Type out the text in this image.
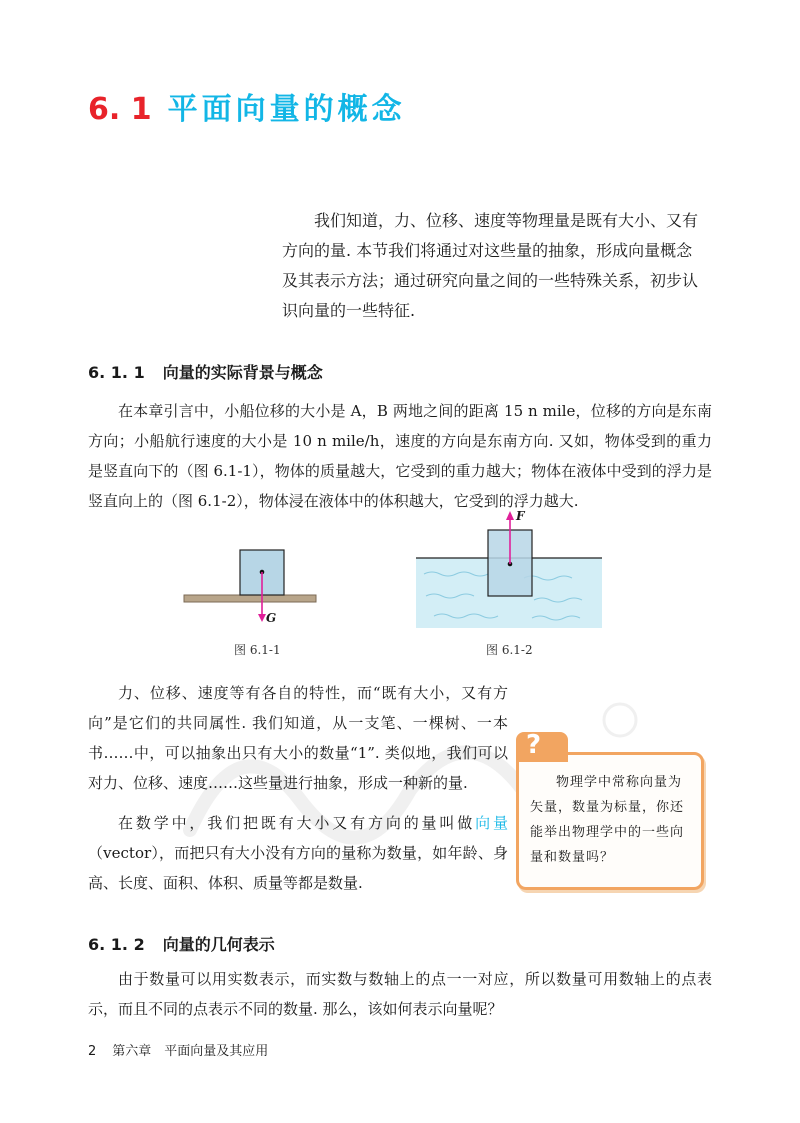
6. 1 平面向量的概念
我们知道，力、位移、速度等物理量是既有大小、又有方向的量. 本节我们将通过对这些量的抽象，形成向量概念及其表示方法；通过研究向量之间的一些特殊关系，初步认识向量的一些特征.
6. 1. 1 向量的实际背景与概念
在本章引言中，小船位移的大小是 A，B 两地之间的距离 15 n mile，位移的方向是东南方向；小船航行速度的大小是 10 n mile/h，速度的方向是东南方向. 又如，物体受到的重力是竖直向下的（图 6.1-1），物体的质量越大，它受到的重力越大；物体在液体中受到的浮力是竖直向上的（图 6.1-2），物体浸在液体中的体积越大，它受到的浮力越大.
G
图 6.1-1
F
图 6.1-2
力、位移、速度等有各自的特性，而“既有大小，又有方向”是它们的共同属性. 我们知道，从一支笔、一棵树、一本书……中，可以抽象出只有大小的数量“1”. 类似地，我们可以对力、位移、速度……这些量进行抽象，形成一种新的量.
在数学中，我们把既有大小又有方向的量叫做向量（vector），而把只有大小没有方向的量称为数量，如年龄、身高、长度、面积、体积、质量等都是数量.
?
物理学中常称向量为矢量，数量为标量，你还能举出物理学中的一些向量和数量吗？
6. 1. 2 向量的几何表示
由于数量可以用实数表示，而实数与数轴上的点一一对应，所以数量可用数轴上的点表示，而且不同的点表示不同的数量. 那么，该如何表示向量呢？
2 第六章　平面向量及其应用
